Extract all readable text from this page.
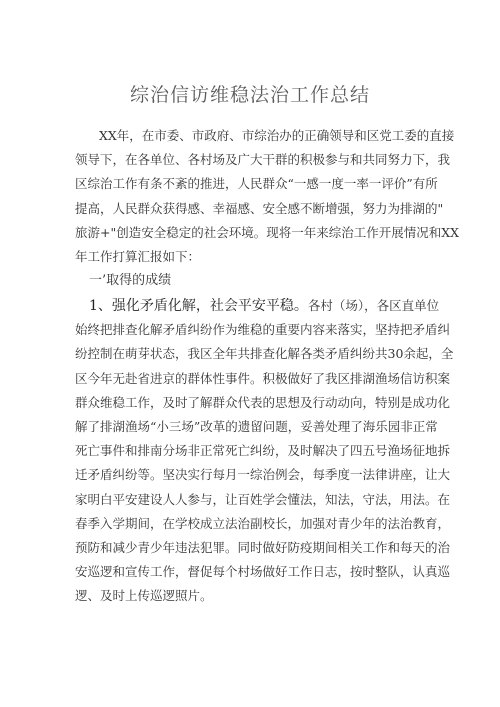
综治信访维稳法治工作总结
XX年，在市委、市政府、市综治办的正确领导和区党工委的直接
领导下，在各单位、各村场及广大干群的积极参与和共同努力下，我
区综治工作有条不紊的推进，人民群众“一感一度一率一评价”有所
提高，人民群众获得感、幸福感、安全感不断增强，努力为排湖的"
旅游+"创造安全稳定的社会环境。现将一年来综治工作开展情况和XX
年工作打算汇报如下：
一’取得的成绩
1、强化矛盾化解，社会平安平稳。各村（场），各区直单位
始终把排查化解矛盾纠纷作为维稳的重要内容来落实，坚持把矛盾纠
纷控制在萌芽状态，我区全年共排查化解各类矛盾纠纷共30余起，全
区今年无赴省进京的群体性事件。积极做好了我区排湖渔场信访积案
群众维稳工作，及时了解群众代表的思想及行动动向，特别是成功化
解了排湖渔场“小三场”改革的遗留问题，妥善处理了海乐园非正常
死亡事件和排南分场非正常死亡纠纷，及时解决了四五号渔场征地拆
迁矛盾纠纷等。坚决实行每月一综治例会，每季度一法律讲座，让大
家明白平安建设人人参与，让百姓学会懂法，知法，守法，用法。在
春季入学期间，在学校成立法治副校长，加强对青少年的法治教育，
预防和减少青少年违法犯罪。同时做好防疫期间相关工作和每天的治
安巡逻和宣传工作，督促每个村场做好工作日志，按时整队，认真巡
逻、及时上传巡逻照片。
